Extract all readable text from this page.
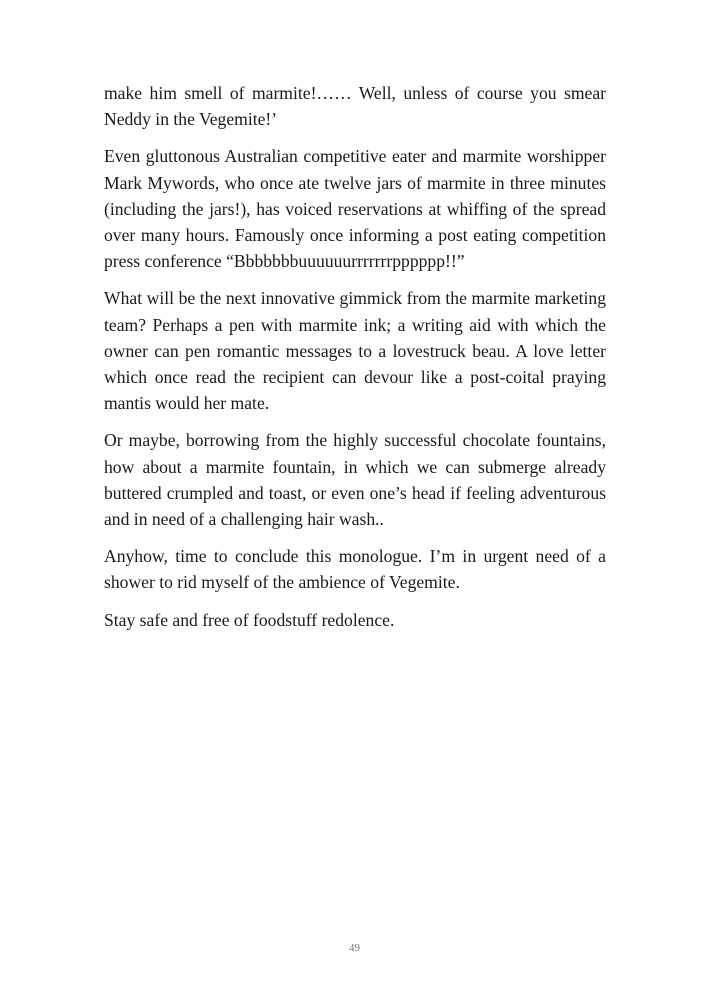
make him smell of marmite!…… Well, unless of course you smear Neddy in the Vegemite!’

Even gluttonous Australian competitive eater and marmite worshipper Mark Mywords, who once ate twelve jars of marmite in three minutes (including the jars!), has voiced reservations at whiffing of the spread over many hours. Famously once informing a post eating competition press conference “Bbbbbbbuuuuuurrrrrrrpppppp!!”

What will be the next innovative gimmick from the marmite marketing team? Perhaps a pen with marmite ink; a writing aid with which the owner can pen romantic messages to a lovestruck beau. A love letter which once read the recipient can devour like a post-coital praying mantis would her mate.

Or maybe, borrowing from the highly successful chocolate fountains, how about a marmite fountain, in which we can submerge already buttered crumpled and toast, or even one’s head if feeling adventurous and in need of a challenging hair wash..

Anyhow, time to conclude this monologue. I’m in urgent need of a shower to rid myself of the ambience of Vegemite.

Stay safe and free of foodstuff redolence.

49
